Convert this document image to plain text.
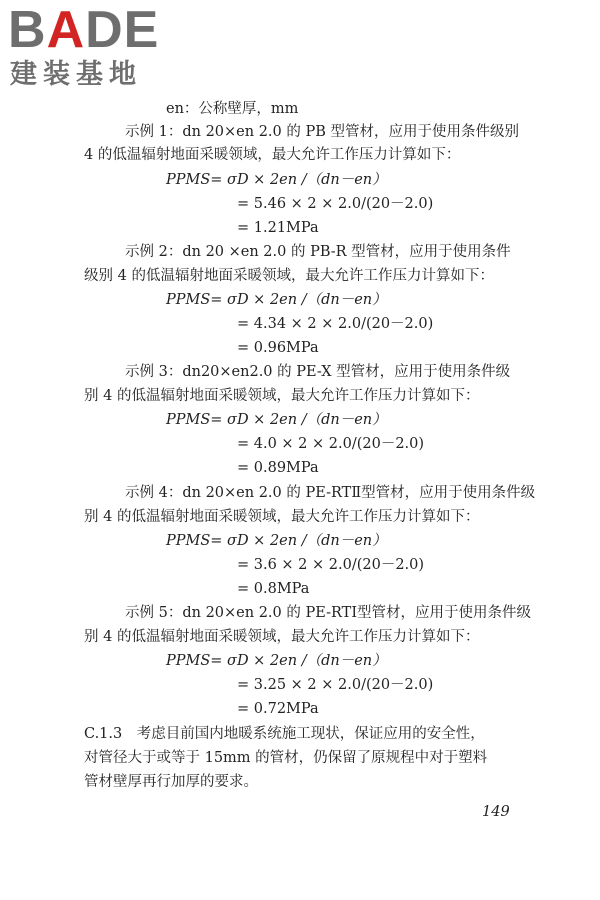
BADE
建装基地
en：公称壁厚，mm
示例 1：dn 20×en 2.0 的 PB 型管材，应用于使用条件级别
4 的低温辐射地面采暖领域，最大允许工作压力计算如下：
PPMS= σD × 2en /（dn－en）
= 5.46 × 2 × 2.0/(20－2.0)
= 1.21MPa
示例 2：dn 20 ×en 2.0 的 PB-R 型管材，应用于使用条件
级别 4 的低温辐射地面采暖领域，最大允许工作压力计算如下：
PPMS= σD × 2en /（dn－en）
= 4.34 × 2 × 2.0/(20－2.0)
= 0.96MPa
示例 3：dn20×en2.0 的 PE-X 型管材，应用于使用条件级
别 4 的低温辐射地面采暖领域，最大允许工作压力计算如下：
PPMS= σD × 2en /（dn－en）
= 4.0 × 2 × 2.0/(20－2.0)
= 0.89MPa
示例 4：dn 20×en 2.0 的 PE-RTⅡ型管材，应用于使用条件级
别 4 的低温辐射地面采暖领域，最大允许工作压力计算如下：
PPMS= σD × 2en /（dn－en）
= 3.6 × 2 × 2.0/(20－2.0)
= 0.8MPa
示例 5：dn 20×en 2.0 的 PE-RTⅠ型管材，应用于使用条件级
别 4 的低温辐射地面采暖领域，最大允许工作压力计算如下：
PPMS= σD × 2en /（dn－en）
= 3.25 × 2 × 2.0/(20－2.0)
= 0.72MPa
C.1.3　考虑目前国内地暖系统施工现状，保证应用的安全性，
对管径大于或等于 15mm 的管材，仍保留了原规程中对于塑料
管材壁厚再行加厚的要求。
149
